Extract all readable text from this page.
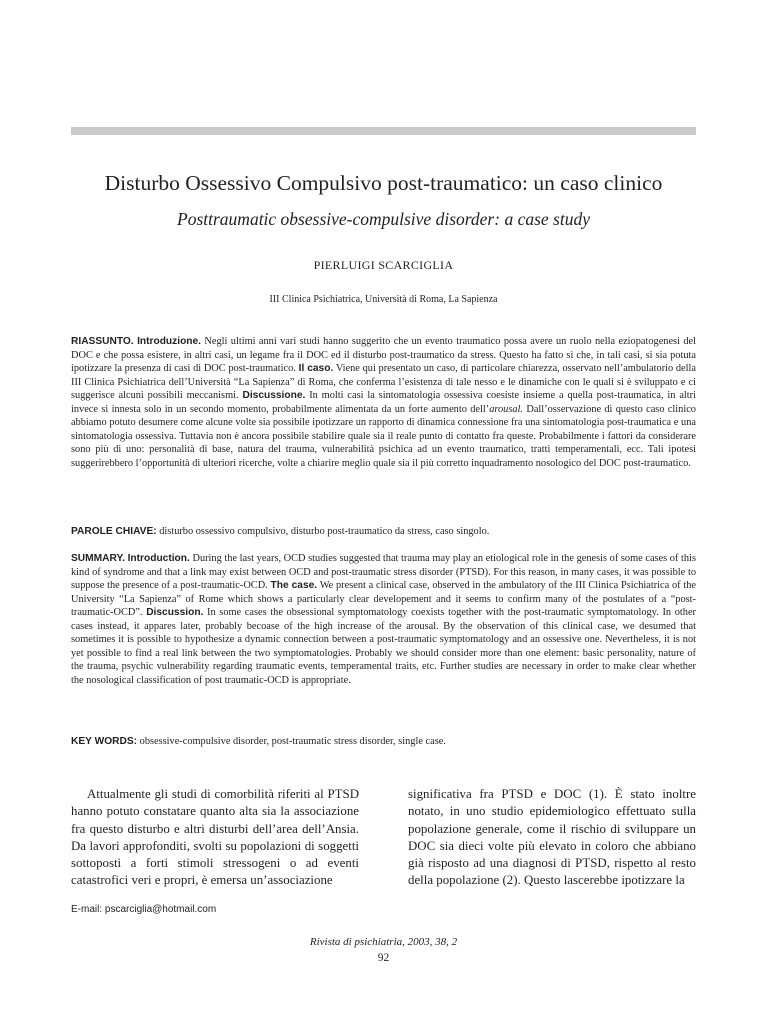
Disturbo Ossessivo Compulsivo post-traumatico: un caso clinico
Posttraumatic obsessive-compulsive disorder: a case study
PIERLUIGI SCARCIGLIA
III Clinica Psichiatrica, Università di Roma, La Sapienza

RIASSUNTO. Introduzione. Negli ultimi anni vari studi hanno suggerito che un evento traumatico possa avere un ruolo nella eziopatogenesi del DOC e che possa esistere, in altri casi, un legame fra il DOC ed il disturbo post-traumatico da stress. Questo ha fatto sì che, in tali casi, si sia potuta ipotizzare la presenza di casi di DOC post-traumatico. Il caso. Viene qui presentato un caso, di particolare chiarezza, osservato nell’ambulatorio della III Clinica Psichiatrica dell’Università “La Sapienza” di Roma, che conferma l’esistenza di tale nesso e le dinamiche con le quali si è sviluppato e ci suggerisce alcuni possibili meccanismi. Discussione. In molti casi la sintomatologia ossessiva coesiste insieme a quella post-traumatica, in altri invece si innesta solo in un secondo momento, probabilmente alimentata da un forte aumento dell’arousal. Dall’osservazione di questo caso clinico abbiamo potuto desumere come alcune volte sia possibile ipotizzare un rapporto di dinamica connessione fra una sintomatologia post-traumatica e una sintomatologia ossessiva. Tuttavia non è ancora possibile stabilire quale sia il reale punto di contatto fra queste. Probabilmente i fattori da considerare sono più di uno: personalità di base, natura del trauma, vulnerabilità psichica ad un evento traumatico, tratti temperamentali, ecc. Tali ipotesi suggerirebbero l’opportunità di ulteriori ricerche, volte a chiarire meglio quale sia il più corretto inquadramento nosologico del DOC post-traumatico.

PAROLE CHIAVE: disturbo ossessivo compulsivo, disturbo post-traumatico da stress, caso singolo.

SUMMARY. Introduction. During the last years, OCD studies suggested that trauma may play an etiological role in the genesis of some cases of this kind of syndrome and that a link may exist between OCD and post-traumatic stress disorder (PTSD). For this reason, in many cases, it was possible to suppose the presence of a post-traumatic-OCD. The case. We present a clinical case, observed in the ambulatory of the III Clinica Psichiatrica of the University “La Sapienza” of Rome which shows a particularly clear developement and it seems to confirm many of the postulates of a “post-traumatic-OCD”. Discussion. In some cases the obsessional symptomatology coexists together with the post-traumatic symptomatology. In other cases instead, it appares later, probably becoase of the high increase of the arousal. By the observation of this clinical case, we desumed that sometimes it is possible to hypothesize a dynamic connection between a post-traumatic symptomatology and an ossessive one. Nevertheless, it is not yet possible to find a real link between the two symptomatologies. Probably we should consider more than one element: basic personality, nature of the trauma, psychic vulnerability regarding traumatic events, temperamental traits, etc. Further studies are necessary in order to make clear whether the nosological classification of post traumatic-OCD is appropriate.

KEY WORDS: obsessive-compulsive disorder, post-traumatic stress disorder, single case.

Attualmente gli studi di comorbilità riferiti al PTSD hanno potuto constatare quanto alta sia la associazione fra questo disturbo e altri disturbi dell’area dell’Ansia. Da lavori approfonditi, svolti su popolazioni di soggetti sottoposti a forti stimoli stressogeni o ad eventi catastrofici veri e propri, è emersa un’associazione

significativa fra PTSD e DOC (1). È stato inoltre notato, in uno studio epidemiologico effettuato sulla popolazione generale, come il rischio di sviluppare un DOC sia dieci volte più elevato in coloro che abbiano già risposto ad una diagnosi di PTSD, rispetto al resto della popolazione (2). Questo lascerebbe ipotizzare la

E-mail: pscarciglia@hotmail.com
Rivista di psichiatria, 2003, 38, 2
92
